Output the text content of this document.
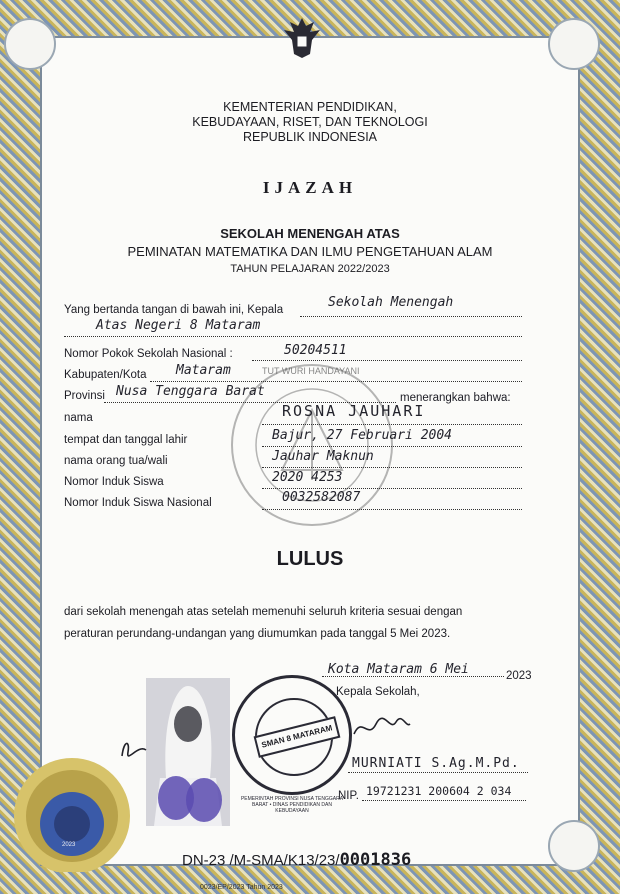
KEMENTERIAN PENDIDIKAN,
KEBUDAYAAN, RISET, DAN TEKNOLOGI
REPUBLIK INDONESIA
IJAZAH
SEKOLAH MENENGAH ATAS
PEMINATAN MATEMATIKA DAN ILMU PENGETAHUAN ALAM
TAHUN PELAJARAN 2022/2023
TUT WURI HANDAYANI
Yang bertanda tangan di bawah ini, Kepala	Sekolah Menengah
Atas Negeri 8 Mataram
Nomor Pokok Sekolah Nasional :	50204511
Kabupaten/Kota Mataram
Provinsi Nusa Tenggara Barat	menerangkan bahwa:
nama	ROSNA JAUHARI
tempat dan tanggal lahir	Bajur, 27 Februari 2004
nama orang tua/wali	Jauhar Maknun
Nomor Induk Siswa	2020 4253
Nomor Induk Siswa Nasional	0032582087
LULUS
dari sekolah menengah atas setelah memenuhi seluruh kriteria sesuai dengan
peraturan perundang-undangan yang diumumkan pada tanggal 5 Mei 2023.
Kota Mataram 6 Mei	2023
Kepala Sekolah,
MURNIATI S.Ag.M.Pd.
NIP. 19721231 200604 2 034
SMAN 8 MATARAM
PEMERINTAH PROVINSI NUSA TENGGARA BARAT • DINAS PENDIDIKAN DAN KEBUDAYAAN
2023
DN-23 /M-SMA/K13/23/0001836
0023/EP/2023 Tahun 2023
